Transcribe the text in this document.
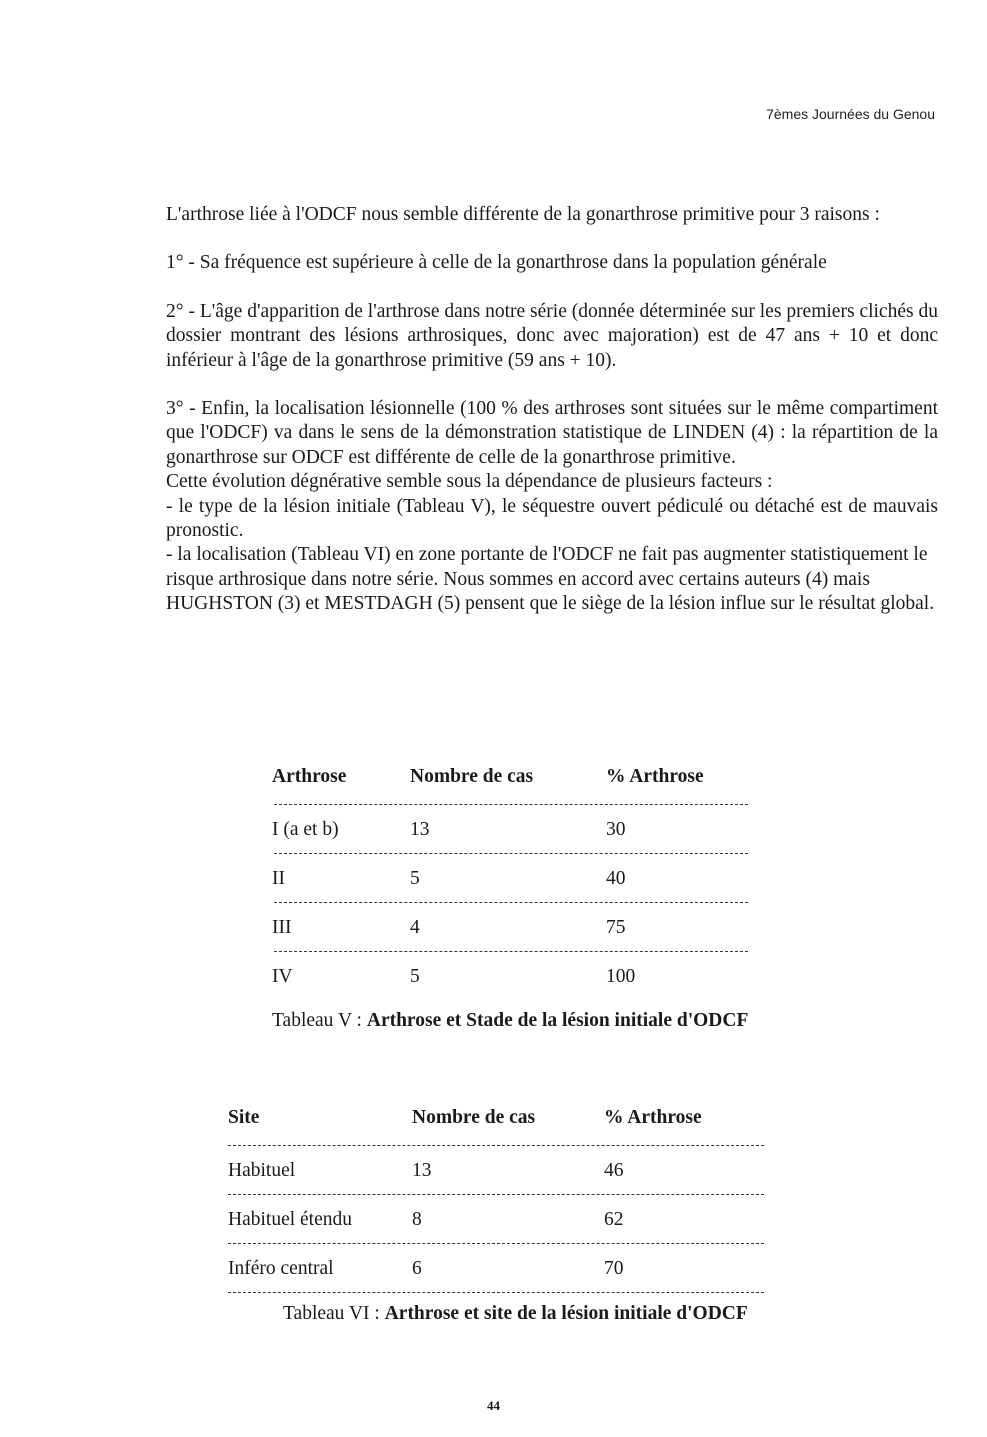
7èmes Journées du Genou

L'arthrose liée à l'ODCF nous semble différente de la gonarthrose primitive pour 3 raisons :

1° - Sa fréquence est supérieure à celle de la gonarthrose dans la population générale

2° - L'âge d'apparition de l'arthrose dans notre série (donnée déterminée sur les premiers clichés du dossier montrant des lésions arthrosiques, donc avec majoration) est de 47 ans + 10 et donc inférieur à l'âge de la gonarthrose primitive (59 ans + 10).

3° - Enfin, la localisation lésionnelle (100 % des arthroses sont situées sur le même compartiment que l'ODCF) va dans le sens de la démonstration statistique de LINDEN (4) : la répartition de la gonarthrose sur ODCF est différente de celle de la gonarthrose primitive.

Cette évolution dégnérative semble sous la dépendance de plusieurs facteurs :

- le type de la lésion initiale (Tableau V), le séquestre ouvert pédiculé ou détaché est de mauvais pronostic.

- la localisation (Tableau VI) en zone portante de l'ODCF ne fait pas augmenter statistiquement le risque arthrosique dans notre série. Nous sommes en accord avec certains auteurs (4) mais HUGHSTON (3) et MESTDAGH (5) pensent que le siège de la lésion influe sur le résultat global.

Arthrose	Nombre de cas	% Arthrose
I (a et b)	13	30
II	5	40
III	4	75
IV	5	100
Tableau V : Arthrose et Stade de la lésion initiale d'ODCF
Site	Nombre de cas	% Arthrose
Habituel	13	46
Habituel étendu	8	62
Inféro central	6	70
Tableau VI : Arthrose et site de la lésion initiale d'ODCF
44
